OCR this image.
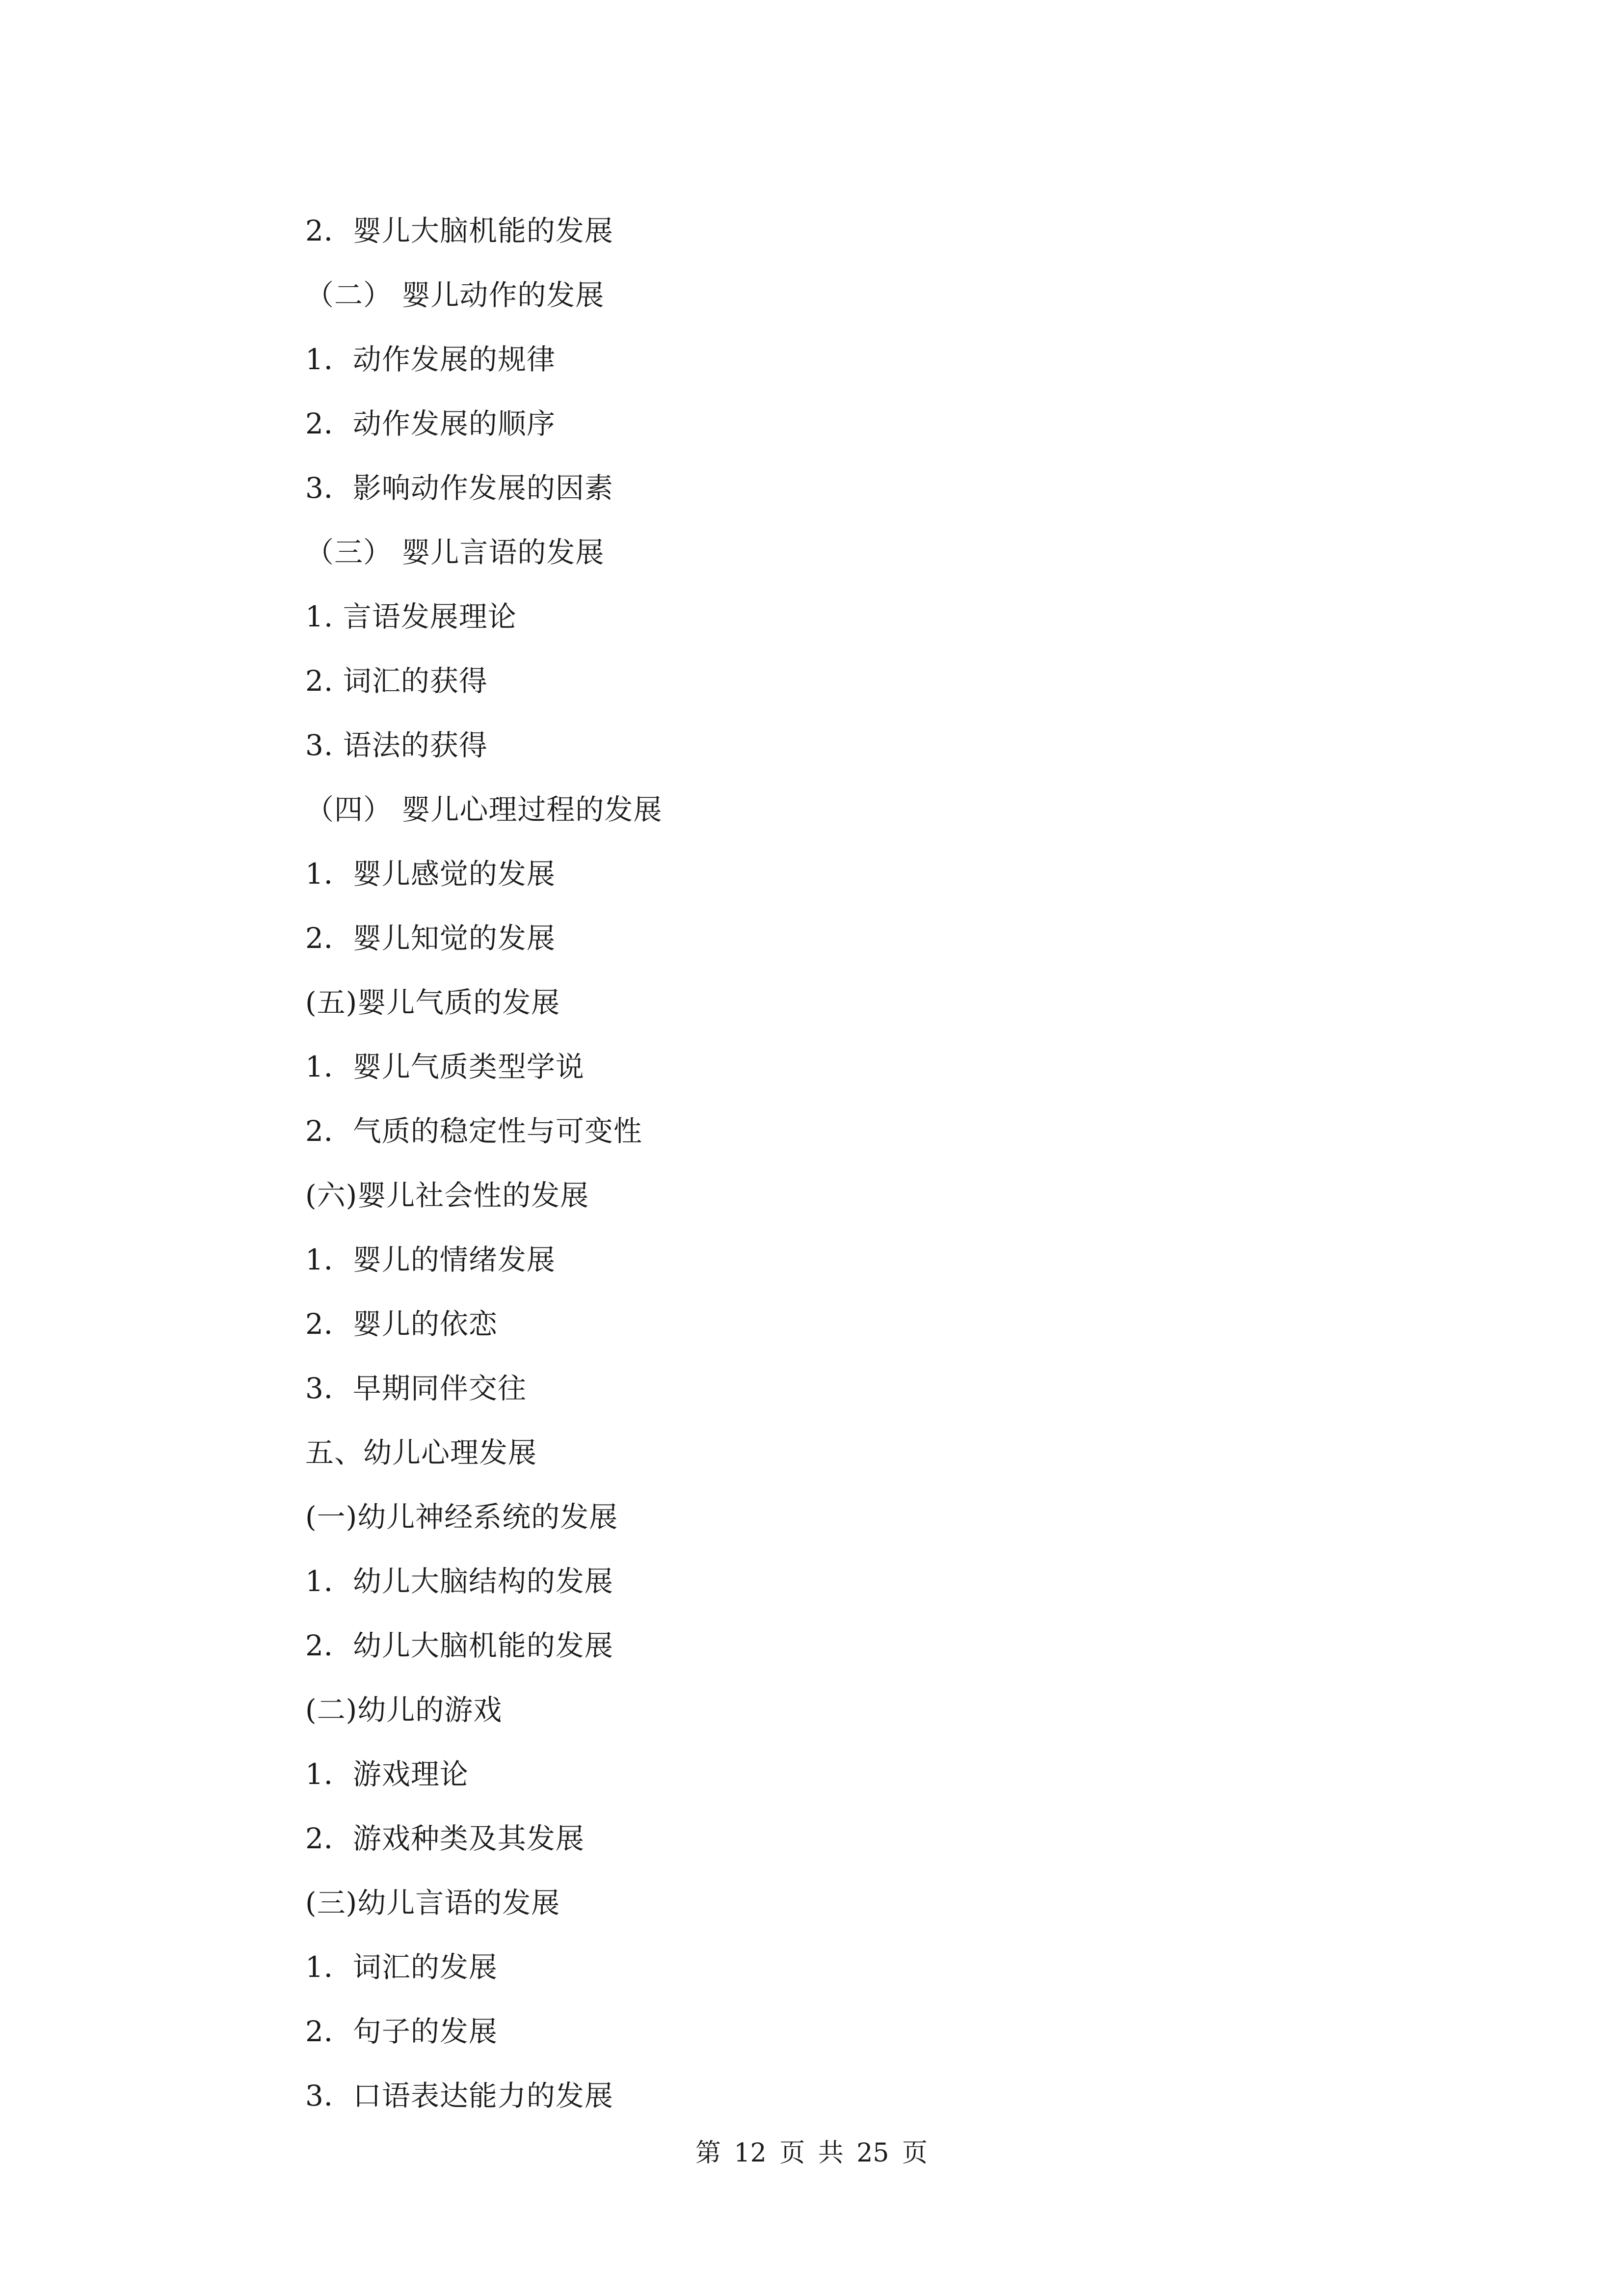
2．婴儿大脑机能的发展
（二） 婴儿动作的发展
1．动作发展的规律
2．动作发展的顺序
3．影响动作发展的因素
（三） 婴儿言语的发展
1. 言语发展理论
2. 词汇的获得
3. 语法的获得
（四） 婴儿心理过程的发展
1．婴儿感觉的发展
2．婴儿知觉的发展
(五)婴儿气质的发展
1．婴儿气质类型学说
2．气质的稳定性与可变性
(六)婴儿社会性的发展
1．婴儿的情绪发展
2．婴儿的依恋
3．早期同伴交往
五、幼儿心理发展
(一)幼儿神经系统的发展
1．幼儿大脑结构的发展
2．幼儿大脑机能的发展
(二)幼儿的游戏
1．游戏理论
2．游戏种类及其发展
(三)幼儿言语的发展
1．词汇的发展
2．句子的发展
3．口语表达能力的发展
第 12 页 共 25 页
